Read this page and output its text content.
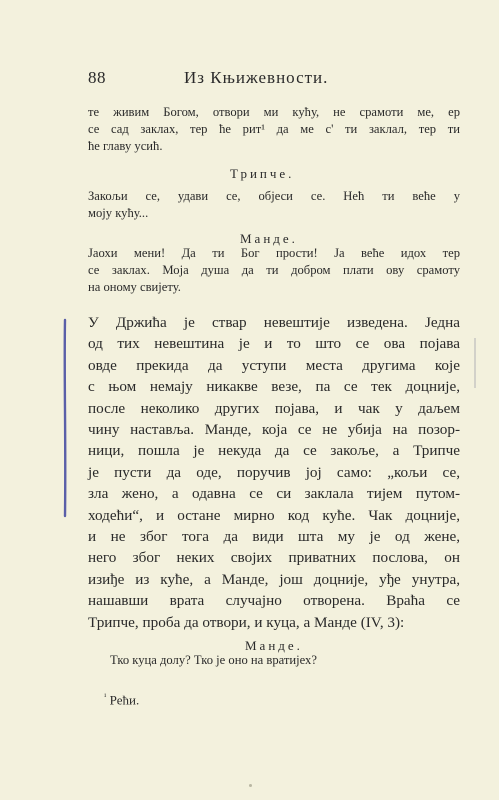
88	Из Књижевности.
те живим Богом, отвори ми кућу, не срамоти ме, ер
се сад заклах, тер ће рит¹ да ме с' ти заклал, тер ти
ће главу усић.
Трипче.
Закољи се, удави се, објеси се. Нећ ти веће у
моју кућу...
Манде.
Јаохи мени! Да ти Бог прости! Ја веће идох тер
се заклах. Моја душа да ти добром плати ову срамоту
на оному свијету.
У Држића је ствар невештије изведена. Једна
од тих невештина је и то што се ова појава
овде прекида да уступи места другима које
с њом немају никакве везе, па се тек доцније,
после неколико других појава, и чак у даљем
чину наставља. Манде, која се не убија на позор-
ници, пошла је некуда да се закоље, а Трипче
је пусти да оде, поручив јој само: „кољи се,
зла жено, а одавна се си заклала тијем путом-
ходећи“, и остане мирно код куће. Чак доцније,
и не због тога да види шта му је од жене,
него због неких својих приватних послова, он
изиђе из куће, а Манде, још доцније, уђе унутра,
нашавши врата случајно отворена. Враћа се
Трипче, проба да отвори, и куца, а Манде (IV, 3):
Манде.
Тко куца долу? Тко је оно на вратијех?
$^{^1}$ Рећи.
